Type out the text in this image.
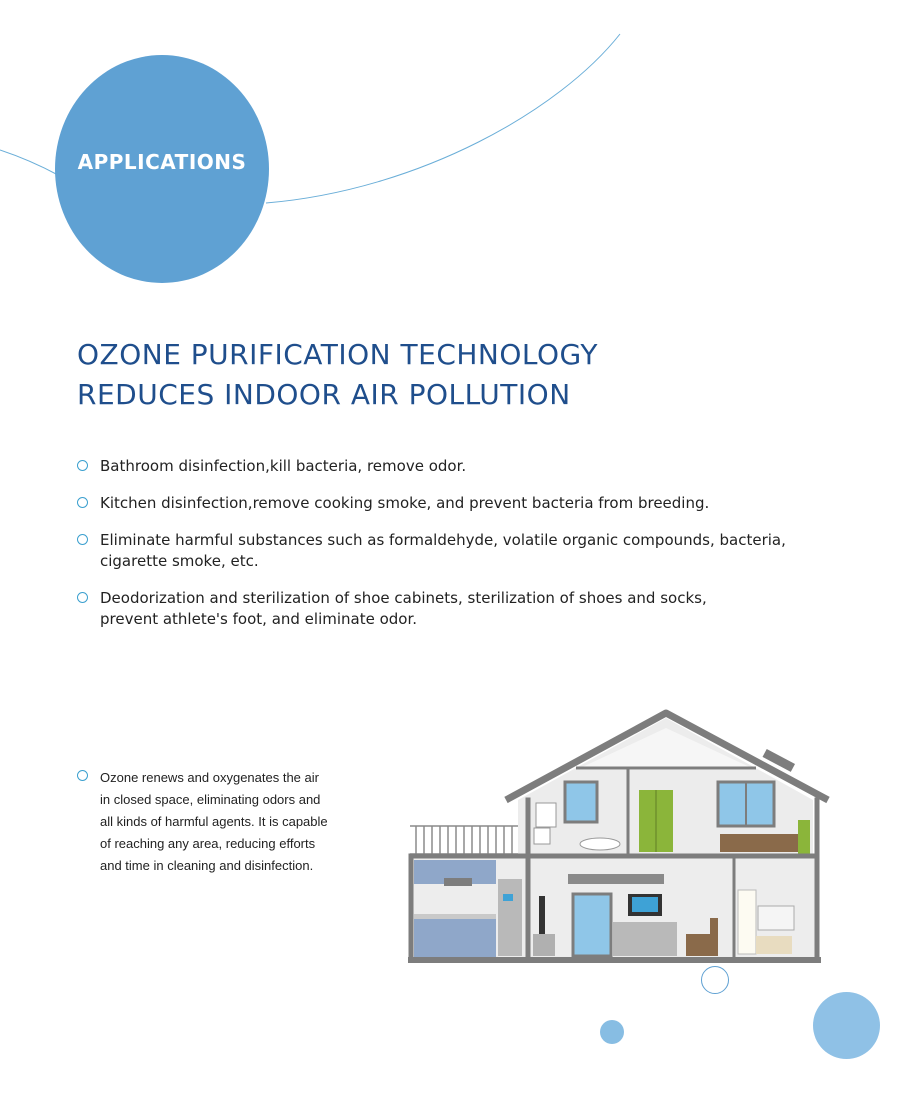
APPLICATIONS
OZONE PURIFICATION TECHNOLOGY
REDUCES INDOOR AIR POLLUTION
Bathroom disinfection,kill bacteria, remove odor.
Kitchen disinfection,remove cooking smoke, and prevent bacteria from breeding.
Eliminate harmful substances such as formaldehyde, volatile organic compounds, bacteria,
cigarette smoke, etc.
Deodorization and sterilization of shoe cabinets, sterilization of shoes and socks,
prevent athlete's foot, and eliminate odor.
Ozone renews and oxygenates the air
in closed space, eliminating odors and
all kinds of harmful agents. It is capable
of reaching any area, reducing efforts
and time in cleaning and disinfection.
